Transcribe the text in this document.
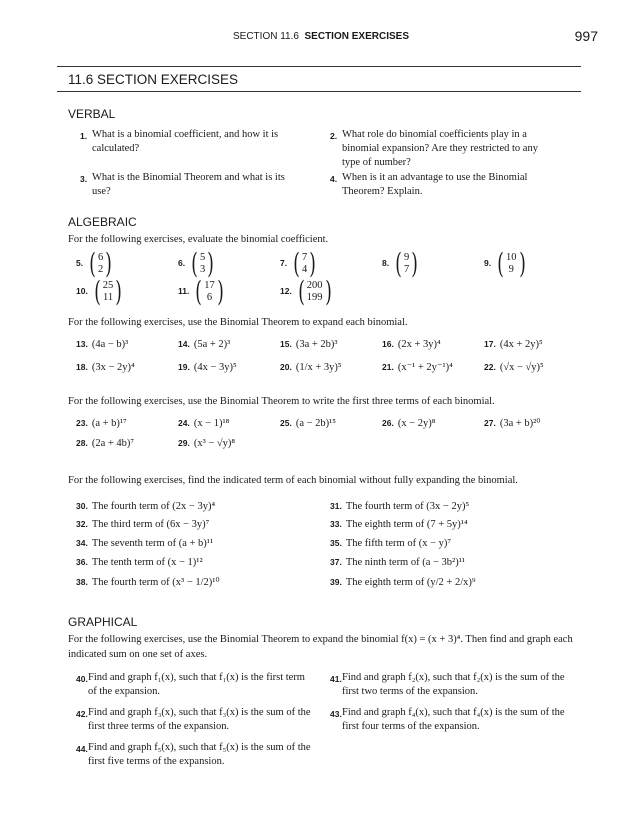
SECTION 11.6 SECTION EXERCISES	997
11.6 SECTION EXERCISES
VERBAL
1. What is a binomial coefficient, and how it is calculated?
2. What role do binomial coefficients play in a binomial expansion? Are they restricted to any type of number?
3. What is the Binomial Theorem and what is its use?
4. When is it an advantage to use the Binomial Theorem? Explain.
ALGEBRAIC
For the following exercises, evaluate the binomial coefficient.
5. ( 6
2 )	6. ( 5
3 )	7. ( 7
4 )	8. ( 9
7 )	9. ( 10
9 )
10. ( 25
11 )	11. ( 17
6 )	12. ( 200
199 )
For the following exercises, use the Binomial Theorem to expand each binomial.
13. (4a − b)³	14. (5a + 2)³	15. (3a + 2b)³	16. (2x + 3y)⁴	17. (4x + 2y)⁵
18. (3x − 2y)⁴	19. (4x − 3y)⁵	20. (1/x + 3y)⁵	21. (x⁻¹ + 2y⁻¹)⁴	22. (√x − √y)⁵
For the following exercises, use the Binomial Theorem to write the first three terms of each binomial.
23. (a + b)¹⁷	24. (x − 1)¹⁸	25. (a − 2b)¹⁵	26. (x − 2y)⁸	27. (3a + b)²⁰
28. (2a + 4b)⁷	29. (x³ − √y)⁸
For the following exercises, find the indicated term of each binomial without fully expanding the binomial.
30. The fourth term of (2x − 3y)⁴	31. The fourth term of (3x − 2y)⁵
32. The third term of (6x − 3y)⁷	33. The eighth term of (7 + 5y)¹⁴
34. The seventh term of (a + b)¹¹	35. The fifth term of (x − y)⁷
36. The tenth term of (x − 1)¹²	37. The ninth term of (a − 3b²)¹¹
38. The fourth term of (x³ − 1/2)¹⁰	39. The eighth term of (y/2 + 2/x)⁹
GRAPHICAL
For the following exercises, use the Binomial Theorem to expand the binomial f(x) = (x + 3)⁴. Then find and graph each indicated sum on one set of axes.
40. Find and graph f₁(x), such that f₁(x) is the first term of the expansion.
41. Find and graph f₂(x), such that f₂(x) is the sum of the first two terms of the expansion.
42. Find and graph f₃(x), such that f₃(x) is the sum of the first three terms of the expansion.
43. Find and graph f₄(x), such that f₄(x) is the sum of the first four terms of the expansion.
44. Find and graph f₅(x), such that f₅(x) is the sum of the first five terms of the expansion.
